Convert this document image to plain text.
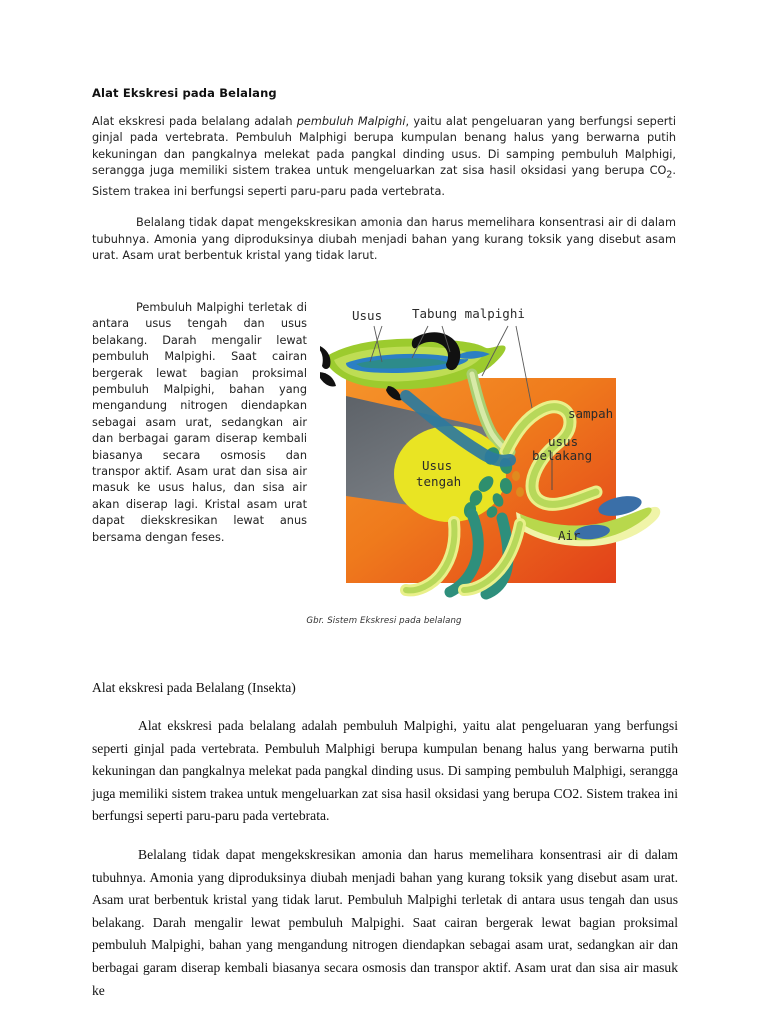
Alat Ekskresi pada Belalang

Alat ekskresi pada belalang adalah pembuluh Malpighi, yaitu alat pengeluaran yang berfungsi seperti ginjal pada vertebrata. Pembuluh Malphigi berupa kumpulan benang halus yang berwarna putih kekuningan dan pangkalnya melekat pada pangkal dinding usus. Di samping pembuluh Malphigi, serangga juga memiliki sistem trakea untuk mengeluarkan zat sisa hasil oksidasi yang berupa $CO_2$. Sistem trakea ini berfungsi seperti paru-paru pada vertebrata.

Belalang tidak dapat mengekskresikan amonia dan harus memelihara konsentrasi air di dalam tubuhnya. Amonia yang diproduksinya diubah menjadi bahan yang kurang toksik yang disebut asam urat. Asam urat berbentuk kristal yang tidak larut.

Pembuluh Malpighi terletak di antara usus tengah dan usus belakang. Darah mengalir lewat pembuluh Malpighi. Saat cairan bergerak lewat bagian proksimal pembuluh Malpighi, bahan yang mengandung nitrogen diendapkan sebagai asam urat, sedangkan air dan berbagai garam diserap kembali biasanya secara osmosis dan transpor aktif. Asam urat dan sisa air masuk ke usus halus, dan sisa air akan diserap lagi. Kristal asam urat dapat diekskresikan lewat anus bersama dengan feses.

Usus Tabung malpighi
sampah
usus
belakang
Usus
tengah
Air
Gbr. Sistem Ekskresi pada belalang

Alat ekskresi pada Belalang (Insekta)

Alat ekskresi pada belalang adalah pembuluh Malpighi, yaitu alat pengeluaran yang berfungsi seperti ginjal pada vertebrata. Pembuluh Malphigi berupa kumpulan benang halus yang berwarna putih kekuningan dan pangkalnya melekat pada pangkal dinding usus. Di samping pembuluh Malphigi, serangga juga memiliki sistem trakea untuk mengeluarkan zat sisa hasil oksidasi yang berupa CO2. Sistem trakea ini berfungsi seperti paru-paru pada vertebrata.

Belalang tidak dapat mengekskresikan amonia dan harus memelihara konsentrasi air di dalam tubuhnya. Amonia yang diproduksinya diubah menjadi bahan yang kurang toksik yang disebut asam urat. Asam urat berbentuk kristal yang tidak larut. Pembuluh Malpighi terletak di antara usus tengah dan usus belakang. Darah mengalir lewat pembuluh Malpighi. Saat cairan bergerak lewat bagian proksimal pembuluh Malpighi, bahan yang mengandung nitrogen diendapkan sebagai asam urat, sedangkan air dan berbagai garam diserap kembali biasanya secara osmosis dan transpor aktif. Asam urat dan sisa air masuk ke
